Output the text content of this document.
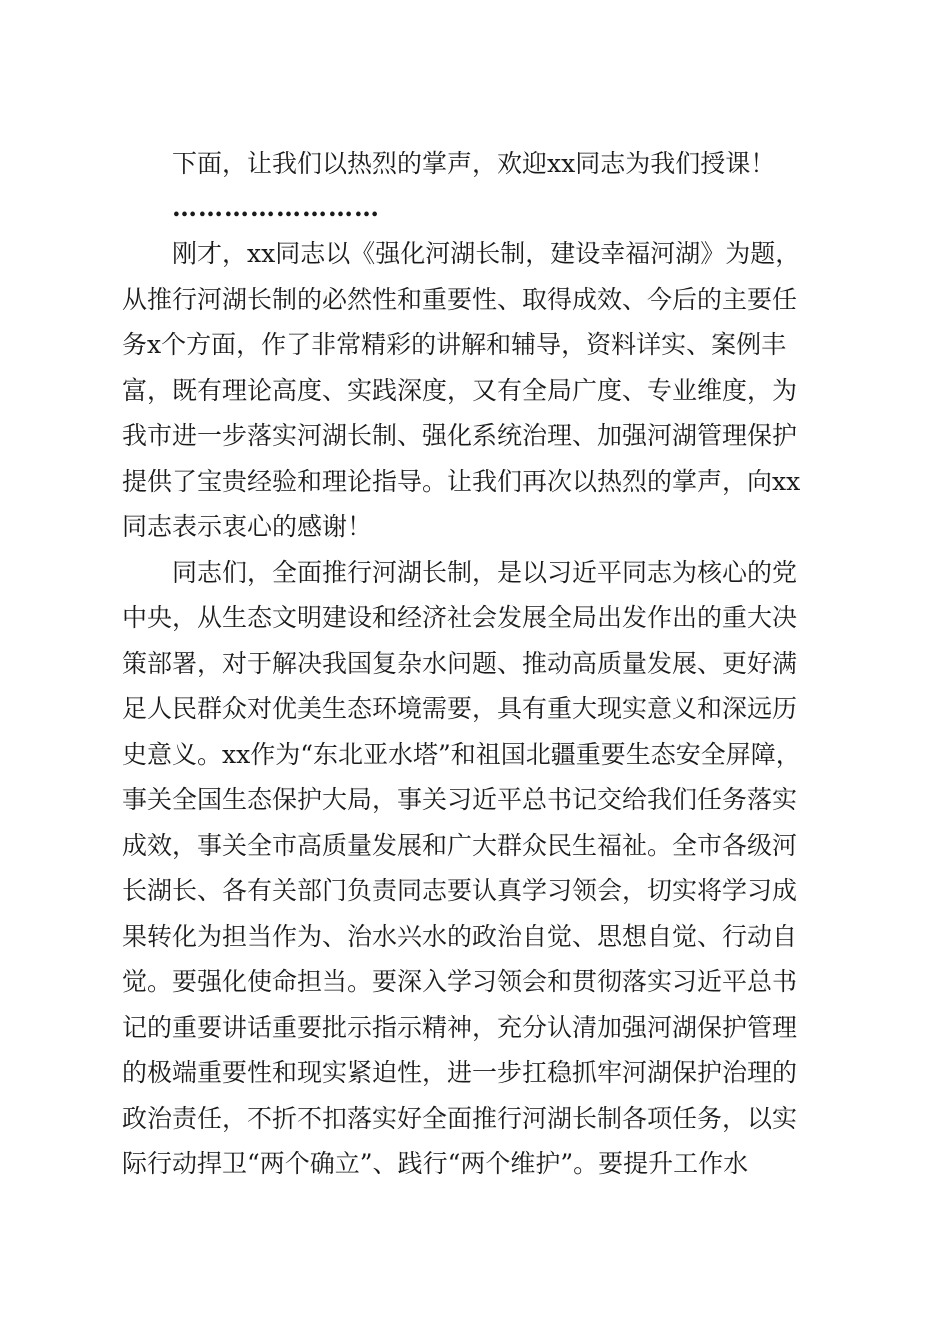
下面，让我们以热烈的掌声，欢迎xx同志为我们授课！
……………………
刚才，xx同志以《强化河湖长制，建设幸福河湖》为题，
从推行河湖长制的必然性和重要性、取得成效、今后的主要任
务x个方面，作了非常精彩的讲解和辅导，资料详实、案例丰
富，既有理论高度、实践深度，又有全局广度、专业维度，为
我市进一步落实河湖长制、强化系统治理、加强河湖管理保护
提供了宝贵经验和理论指导。让我们再次以热烈的掌声，向xx
同志表示衷心的感谢！
同志们，全面推行河湖长制，是以习近平同志为核心的党
中央，从生态文明建设和经济社会发展全局出发作出的重大决
策部署，对于解决我国复杂水问题、推动高质量发展、更好满
足人民群众对优美生态环境需要，具有重大现实意义和深远历
史意义。xx作为“东北亚水塔”和祖国北疆重要生态安全屏障，
事关全国生态保护大局，事关习近平总书记交给我们任务落实
成效，事关全市高质量发展和广大群众民生福祉。全市各级河
长湖长、各有关部门负责同志要认真学习领会，切实将学习成
果转化为担当作为、治水兴水的政治自觉、思想自觉、行动自
觉。要强化使命担当。要深入学习领会和贯彻落实习近平总书
记的重要讲话重要批示指示精神，充分认清加强河湖保护管理
的极端重要性和现实紧迫性，进一步扛稳抓牢河湖保护治理的
政治责任，不折不扣落实好全面推行河湖长制各项任务，以实
际行动捍卫“两个确立”、践行“两个维护”。要提升工作水
